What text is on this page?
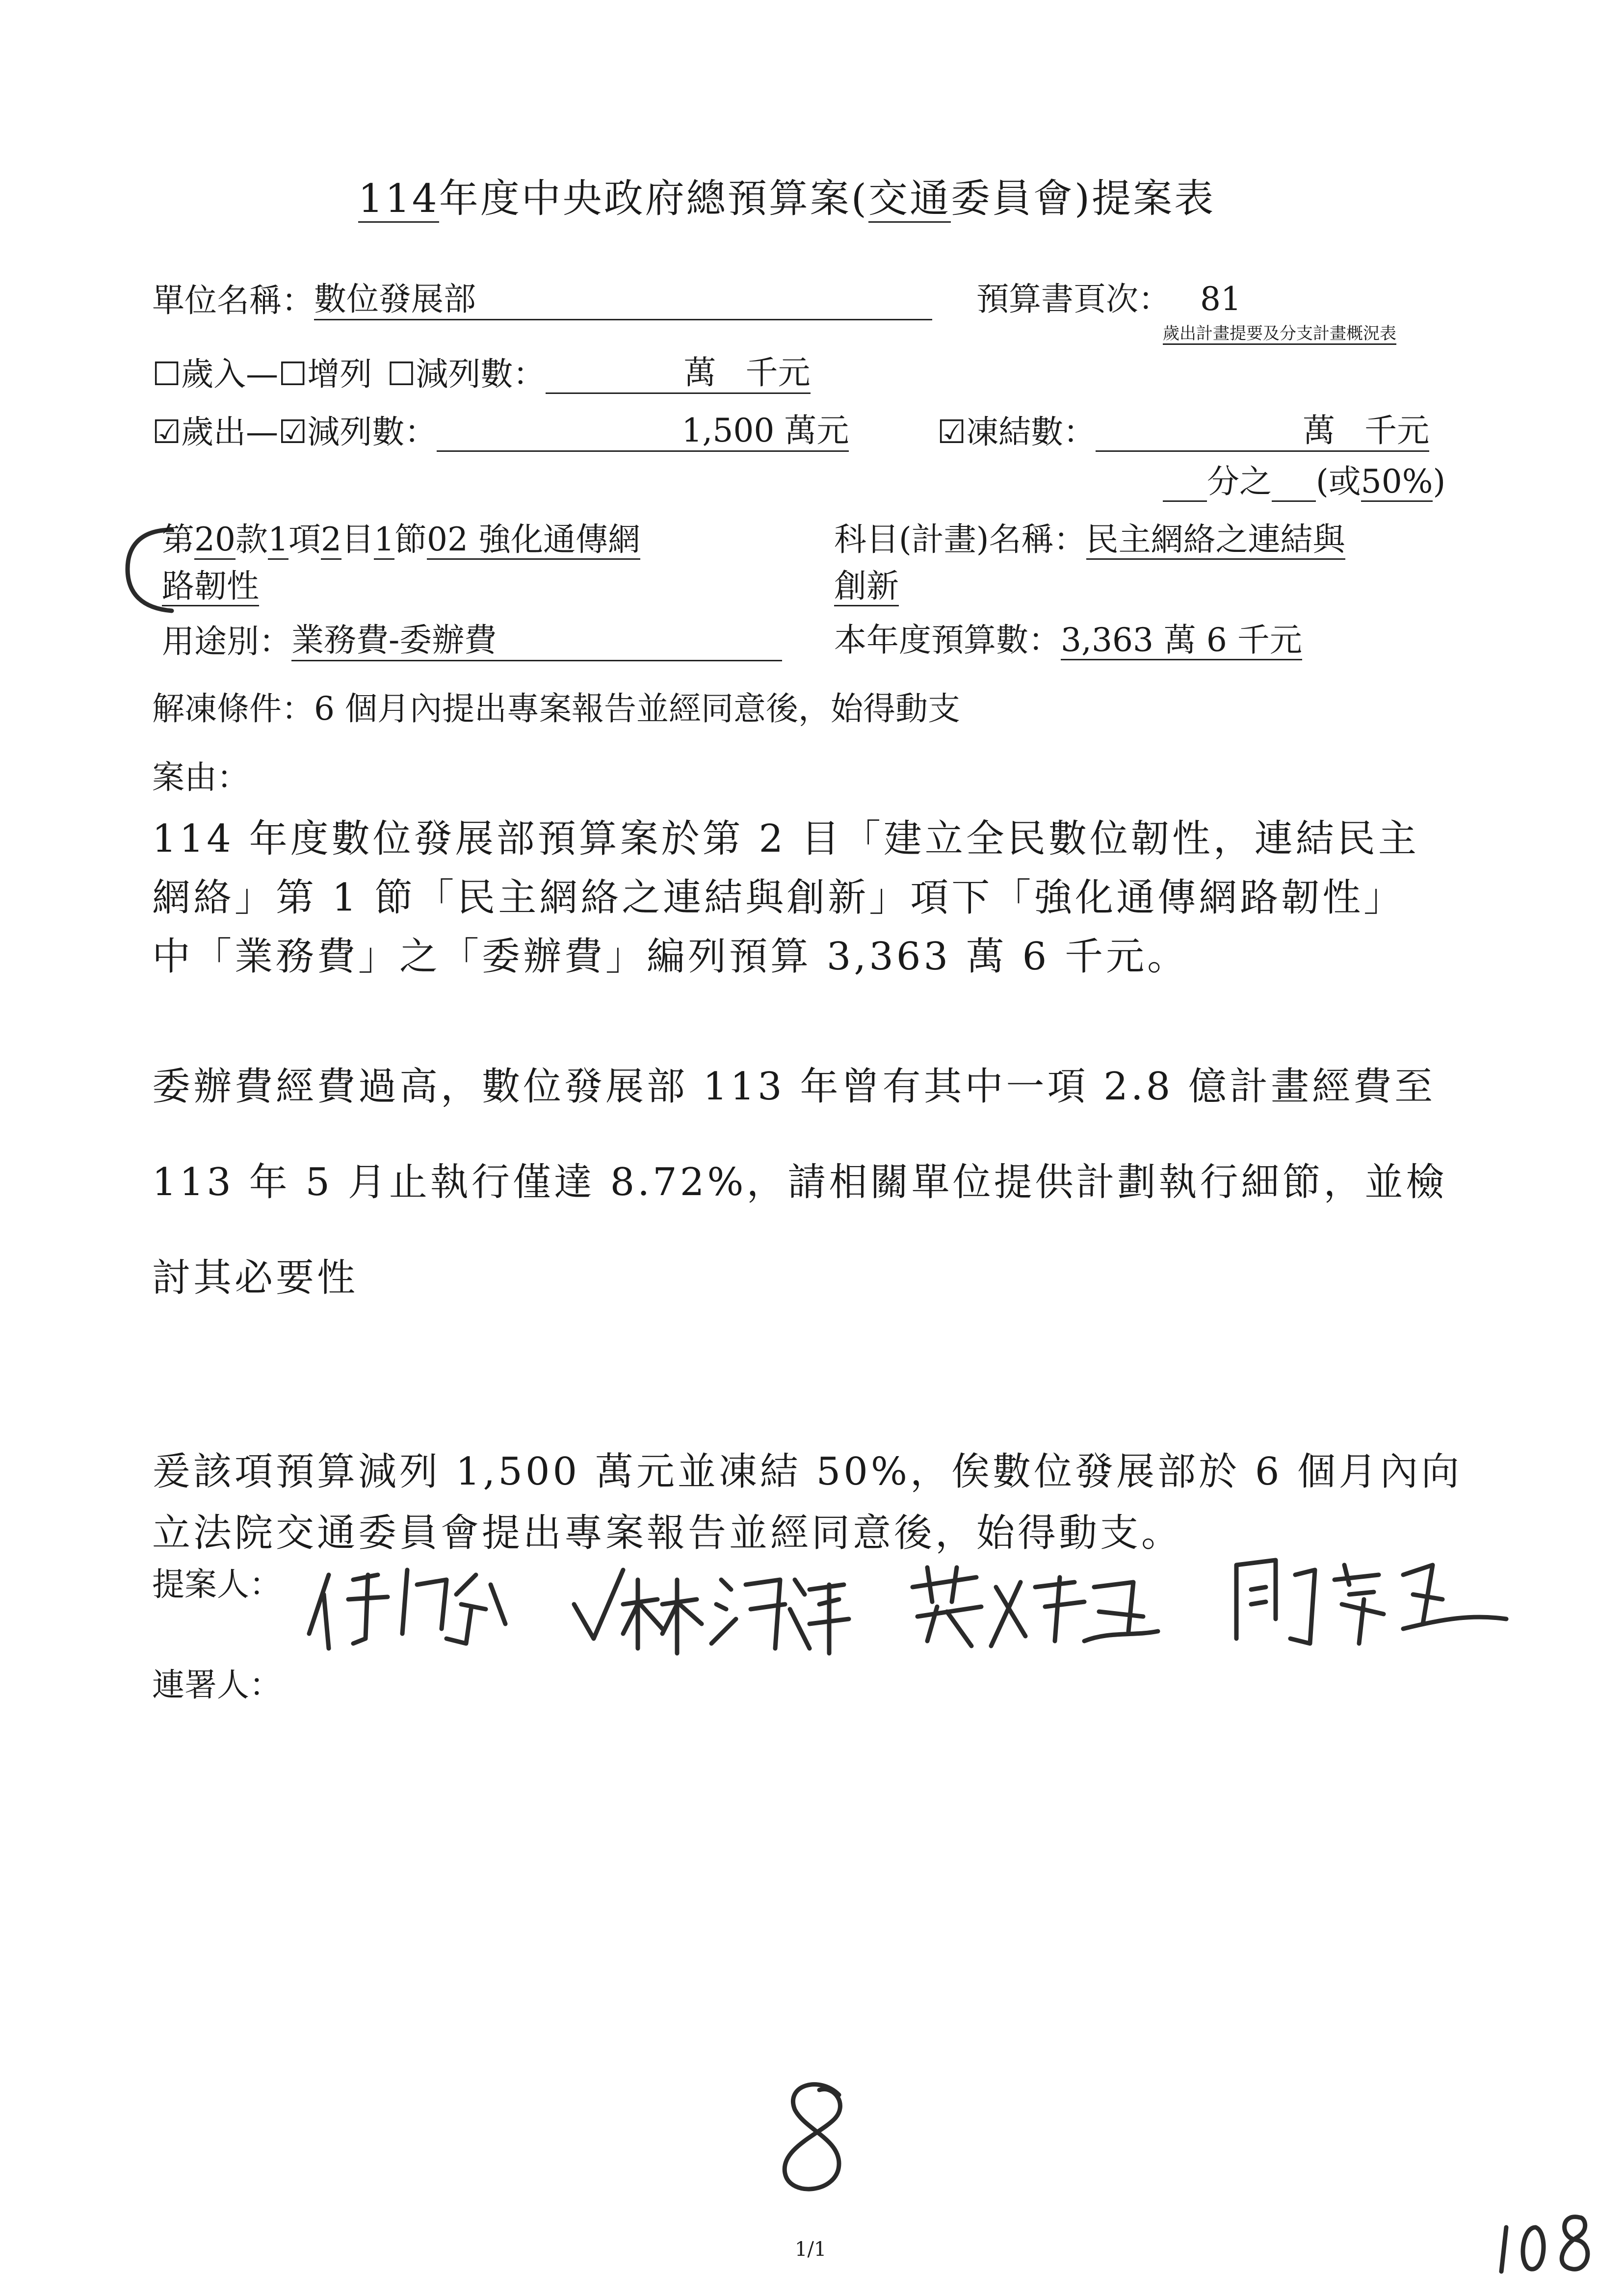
114年度中央政府總預算案(交通委員會)提案表
單位名稱：數位發展部	預算書頁次： 81
歲出計畫提要及分支計畫概況表
☐歲入—☐增列 ☐減列數：	萬 千元
☑歲出—☑減列數：	1,500 萬元	☑凍結數：	萬 千元
分之 (或50%)
第20款1項2目1節02 強化通傳網
路韌性
科目(計畫)名稱：民主網絡之連結與
創新
用途別：業務費-委辦費	本年度預算數：3,363 萬 6 千元
解凍條件：6 個月內提出專案報告並經同意後，始得動支
案由：
114 年度數位發展部預算案於第 2 目「建立全民數位韌性，連結民主
網絡」第 1 節「民主網絡之連結與創新」項下「強化通傳網路韌性」
中「業務費」之「委辦費」編列預算 3,363 萬 6 千元。
委辦費經費過高，數位發展部 113 年曾有其中一項 2.8 億計畫經費至
113 年 5 月止執行僅達 8.72%，請相關單位提供計劃執行細節，並檢
討其必要性
爰該項預算減列 1,500 萬元並凍結 50%，俟數位發展部於 6 個月內向
立法院交通委員會提出專案報告並經同意後，始得動支。
提案人：
連署人：
1/1
